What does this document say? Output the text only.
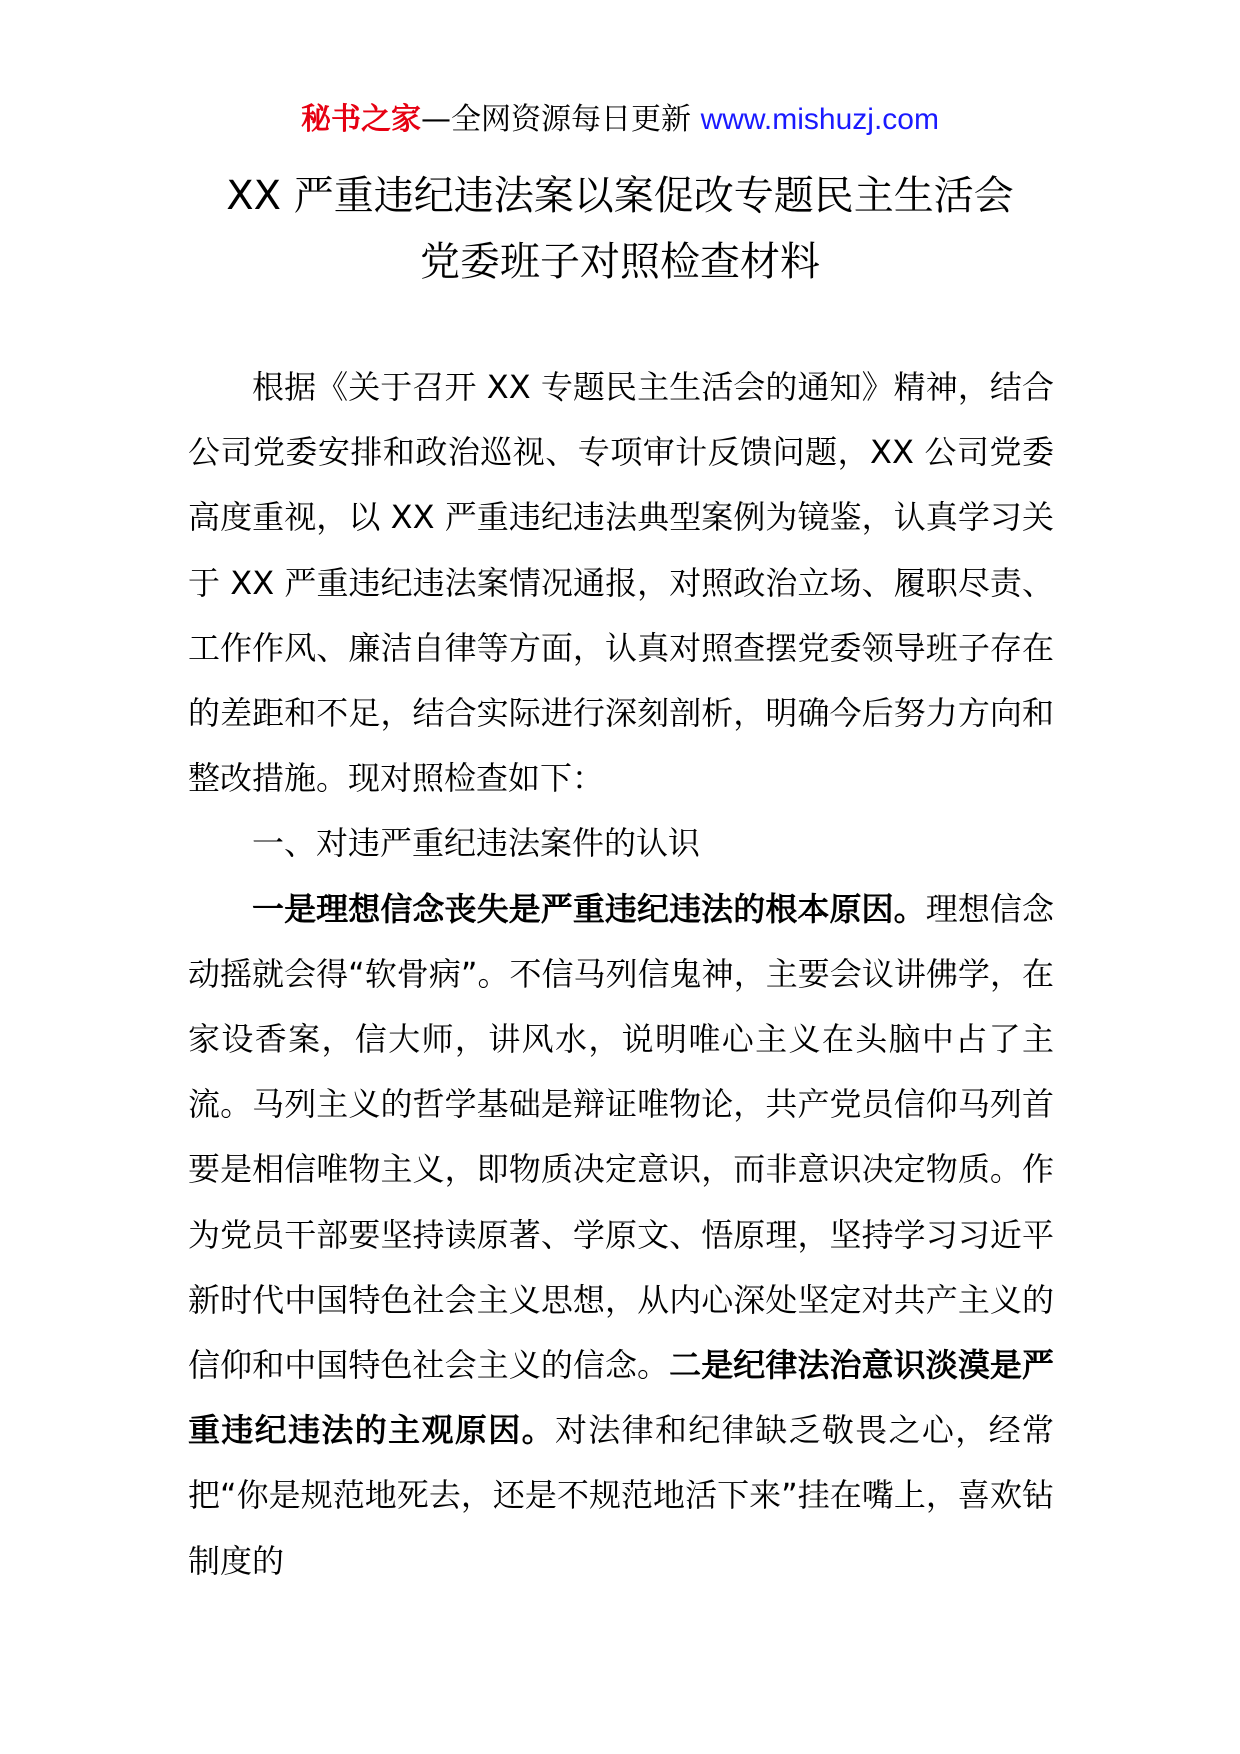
秘书之家—全网资源每日更新 www.mishuzj.com
XX 严重违纪违法案以案促改专题民主生活会
党委班子对照检查材料

根据《关于召开 XX 专题民主生活会的通知》精神，结合公司党委安排和政治巡视、专项审计反馈问题，XX 公司党委高度重视，以 XX 严重违纪违法典型案例为镜鉴，认真学习关于 XX 严重违纪违法案情况通报，对照政治立场、履职尽责、工作作风、廉洁自律等方面，认真对照查摆党委领导班子存在的差距和不足，结合实际进行深刻剖析，明确今后努力方向和整改措施。现对照检查如下：

一、对违严重纪违法案件的认识

一是理想信念丧失是严重违纪违法的根本原因。理想信念动摇就会得“软骨病”。不信马列信鬼神，主要会议讲佛学，在家设香案，信大师，讲风水，说明唯心主义在头脑中占了主流。马列主义的哲学基础是辩证唯物论，共产党员信仰马列首要是相信唯物主义，即物质决定意识，而非意识决定物质。作为党员干部要坚持读原著、学原文、悟原理，坚持学习习近平新时代中国特色社会主义思想，从内心深处坚定对共产主义的信仰和中国特色社会主义的信念。二是纪律法治意识淡漠是严重违纪违法的主观原因。对法律和纪律缺乏敬畏之心，经常把“你是规范地死去，还是不规范地活下来”挂在嘴上，喜欢钻制度的
